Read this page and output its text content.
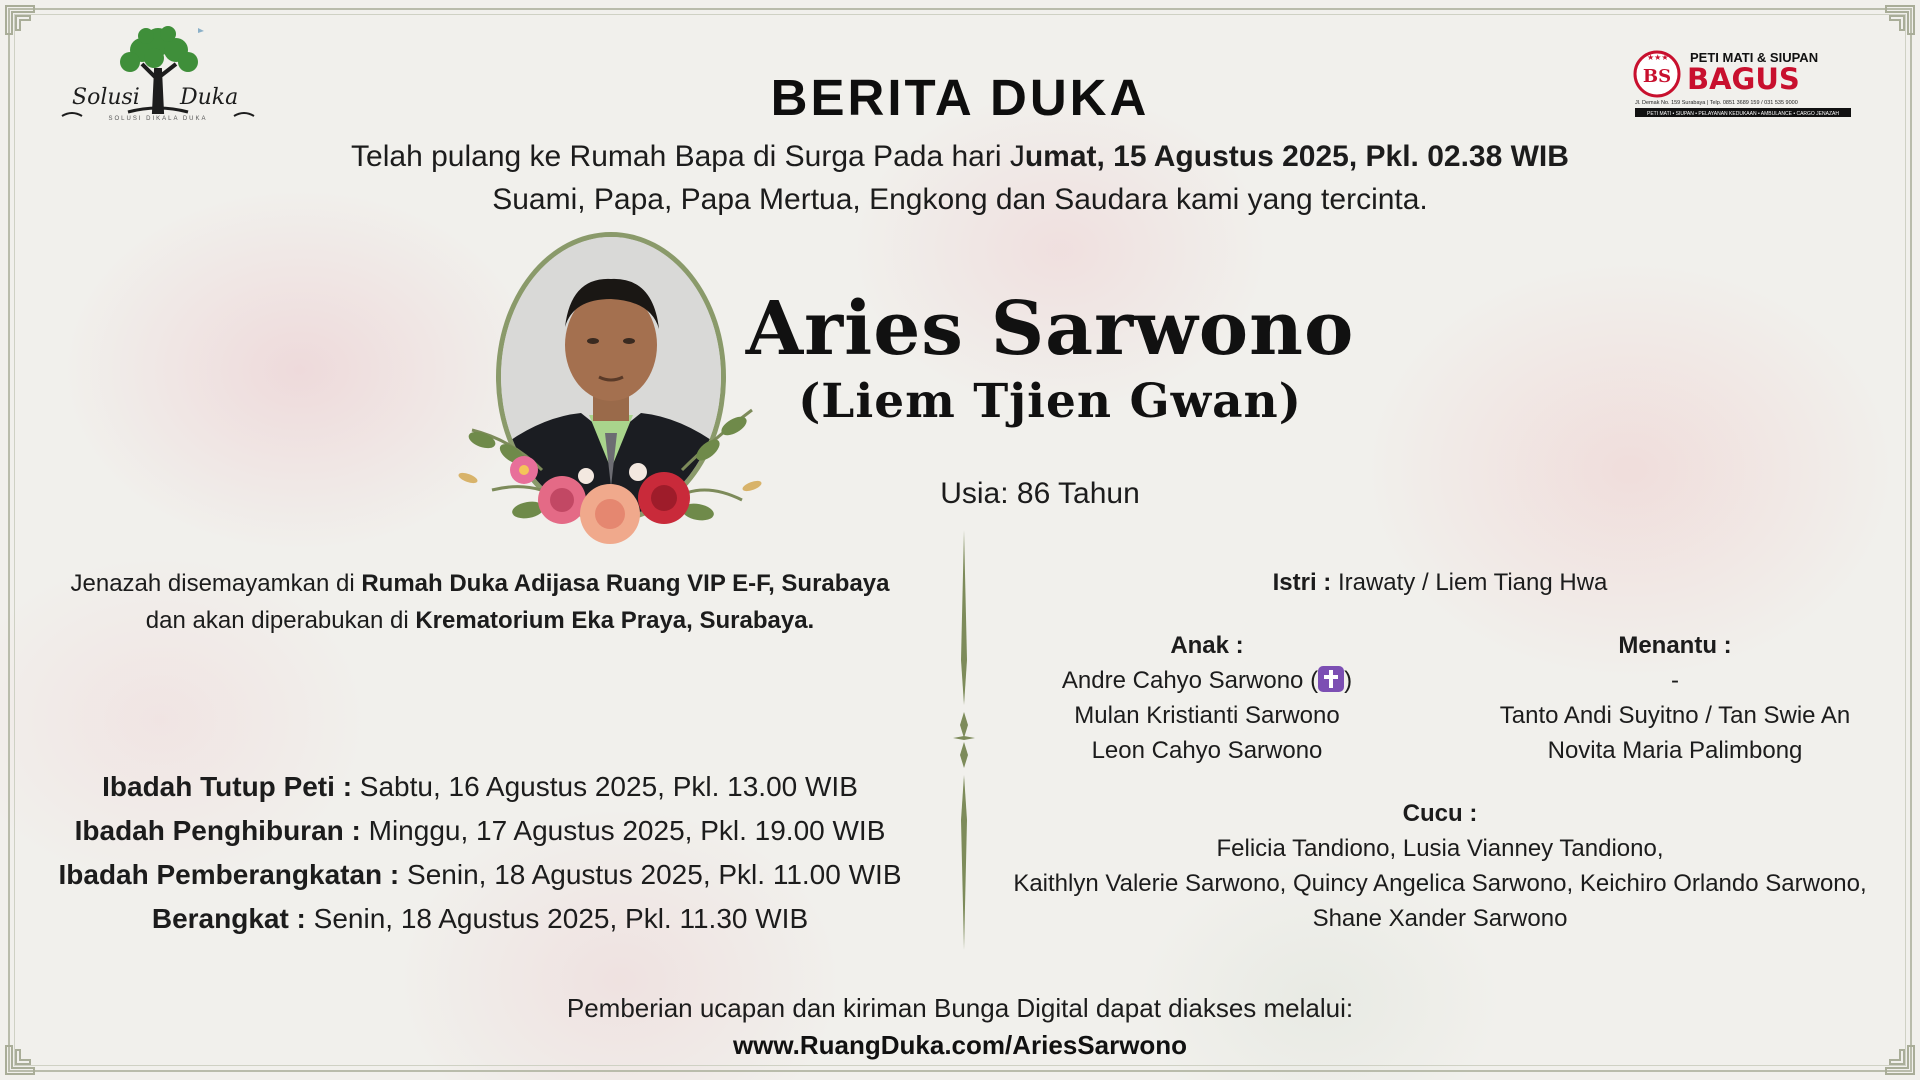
Solusi Duka
SOLUSI DIKALA DUKA
BS
★★★ PETI MATI & SIUPAN
BAGUS
Jl. Demak No. 159 Surabaya | Telp. 0851 3689 159 / 031 535 9000
PETI MATI • SIUPAN • PELAYANAN KEDUKAAN • AMBULANCE • CARGO JENAZAH
BERITA DUKA
Telah pulang ke Rumah Bapa di Surga Pada hari Jumat, 15 Agustus 2025, Pkl. 02.38 WIB
Suami, Papa, Papa Mertua, Engkong dan Saudara kami yang tercinta.
Aries Sarwono
(Liem Tjien Gwan)
Usia: 86 Tahun
Jenazah disemayamkan di Rumah Duka Adijasa Ruang VIP E-F, Surabaya
dan akan diperabukan di Krematorium Eka Praya, Surabaya.
Ibadah Tutup Peti : Sabtu, 16 Agustus 2025, Pkl. 13.00 WIB
Ibadah Penghiburan : Minggu, 17 Agustus 2025, Pkl. 19.00 WIB
Ibadah Pemberangkatan : Senin, 18 Agustus 2025, Pkl. 11.00 WIB
Berangkat : Senin, 18 Agustus 2025, Pkl. 11.30 WIB
Istri : Irawaty / Liem Tiang Hwa
Anak :
Andre Cahyo Sarwono ( )
Mulan Kristianti Sarwono
Leon Cahyo Sarwono
Menantu :
-
Tanto Andi Suyitno / Tan Swie An
Novita Maria Palimbong
Cucu :
Felicia Tandiono, Lusia Vianney Tandiono,
Kaithlyn Valerie Sarwono, Quincy Angelica Sarwono, Keichiro Orlando Sarwono,
Shane Xander Sarwono
Pemberian ucapan dan kiriman Bunga Digital dapat diakses melalui:
www.RuangDuka.com/AriesSarwono
